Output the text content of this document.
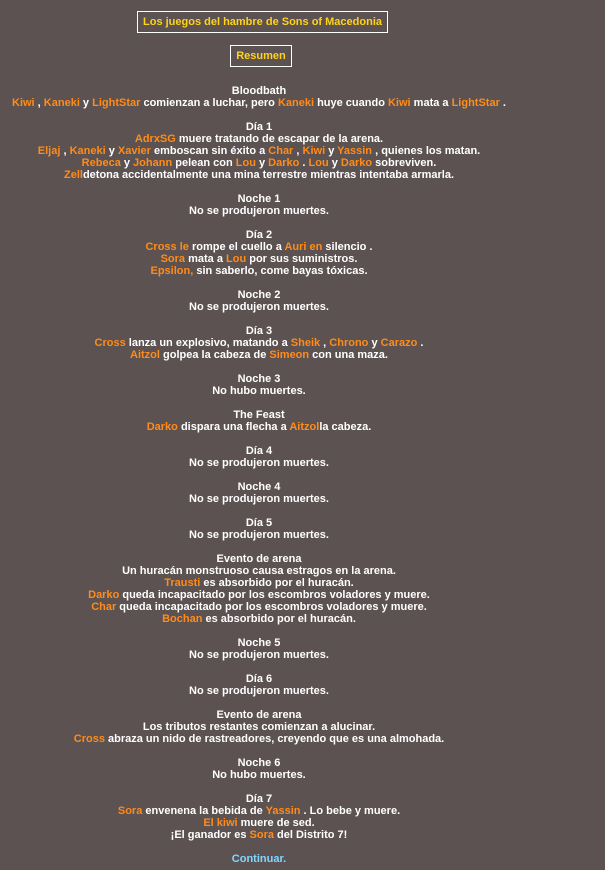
Los juegos del hambre de Sons of Macedonia
Resumen
Bloodbath
Kiwi , Kaneki y LightStar comienzan a luchar, pero Kaneki huye cuando Kiwi mata a LightStar .
Día 1
AdrxSG muere tratando de escapar de la arena.
Eljaj , Kaneki y Xavier emboscan sin éxito a Char , Kiwi y Yassin , quienes los matan.
Rebeca y Johann pelean con Lou y Darko . Lou y Darko sobreviven.
Zelldetona accidentalmente una mina terrestre mientras intentaba armarla.
Noche 1
No se produjeron muertes.
Día 2
Cross le rompe el cuello a Auri en silencio .
Sora mata a Lou por sus suministros.
Epsilon, sin saberlo, come bayas tóxicas.
Noche 2
No se produjeron muertes.
Día 3
Cross lanza un explosivo, matando a Sheik , Chrono y Carazo .
Aitzol golpea la cabeza de Simeon con una maza.
Noche 3
No hubo muertes.
The Feast
Darko dispara una flecha a Aitzolla cabeza.
Día 4
No se produjeron muertes.
Noche 4
No se produjeron muertes.
Día 5
No se produjeron muertes.
Evento de arena
Un huracán monstruoso causa estragos en la arena.
Trausti es absorbido por el huracán.
Darko queda incapacitado por los escombros voladores y muere.
Char queda incapacitado por los escombros voladores y muere.
Bochan es absorbido por el huracán.
Noche 5
No se produjeron muertes.
Día 6
No se produjeron muertes.
Evento de arena
Los tributos restantes comienzan a alucinar.
Cross abraza un nido de rastreadores, creyendo que es una almohada.
Noche 6
No hubo muertes.
Día 7
Sora envenena la bebida de Yassin . Lo bebe y muere.
El kiwi muere de sed.
¡El ganador es Sora del Distrito 7!
Continuar.
